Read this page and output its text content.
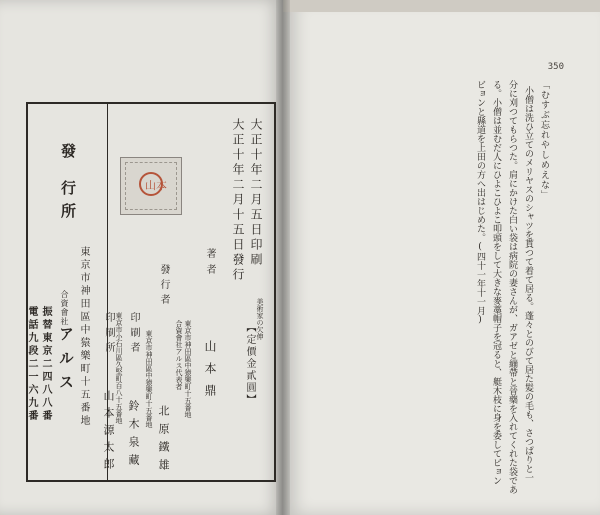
山本	大正十年二月五日印刷
大正十年二月十五日發行
美術家の欠伸
【定價金貳圓】
著者
山本鼎
東京市神田區中猿樂町十五番地
合資會社アルス代表者
發行者
北原鐵雄
東京市神田區中猿樂町十五番地
印刷者
鈴木泉藏
東京市小石川區久堅町百八十五番地
印刷所
山本源太郎
發
行所
東京市神田區中猿樂町十五番地
合資會社
アルス
振替東京二四八八番
電話九段二一六九番
350
「むすぶ忘れやしめえな」
小僧は洗ひ立てのメリヤスのシャツを貰つて着て居る。蓬々とのびて居た髪の毛も、さつぱりと一
分に刈つてもらつた。肩にかけた白い袋は病院の妻さんが、ガアゼと繃帶と晉藥を入れてくれた袋であ
る。小僧は並むだ人にひよこひよこ叩頭をして大きな麥藁帽子を冠ると、艇木枝に身を委してビョン
ビョンと縣道を上田の方へ出はじめた。(四十一年十一月)
